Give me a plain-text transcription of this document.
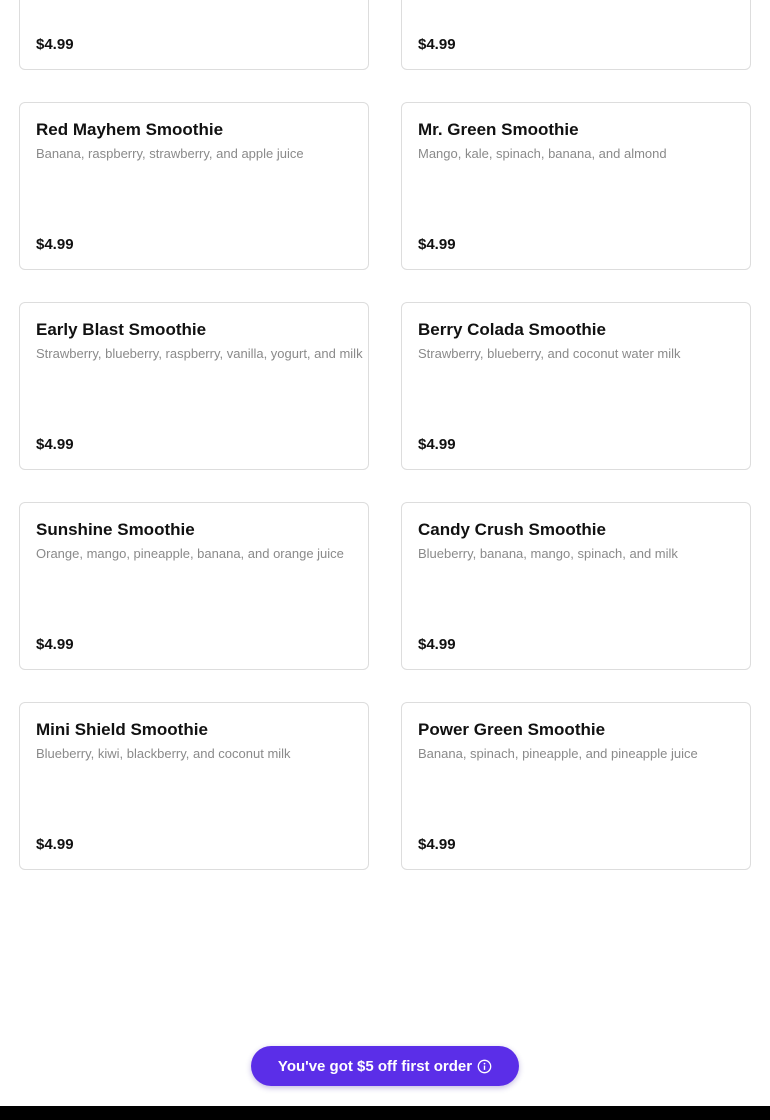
$4.99	$4.99
Red Mayhem Smoothie
Banana, raspberry, strawberry, and apple juice
$4.99
Mr. Green Smoothie
Mango, kale, spinach, banana, and almond
$4.99
Early Blast Smoothie
Strawberry, blueberry, raspberry, vanilla, yogurt, and milk
$4.99
Berry Colada Smoothie
Strawberry, blueberry, and coconut water milk
$4.99
Sunshine Smoothie
Orange, mango, pineapple, banana, and orange juice
$4.99
Candy Crush Smoothie
Blueberry, banana, mango, spinach, and milk
$4.99
Mini Shield Smoothie
Blueberry, kiwi, blackberry, and coconut milk
$4.99
Power Green Smoothie
Banana, spinach, pineapple, and pineapple juice
$4.99
You've got $5 off first order
